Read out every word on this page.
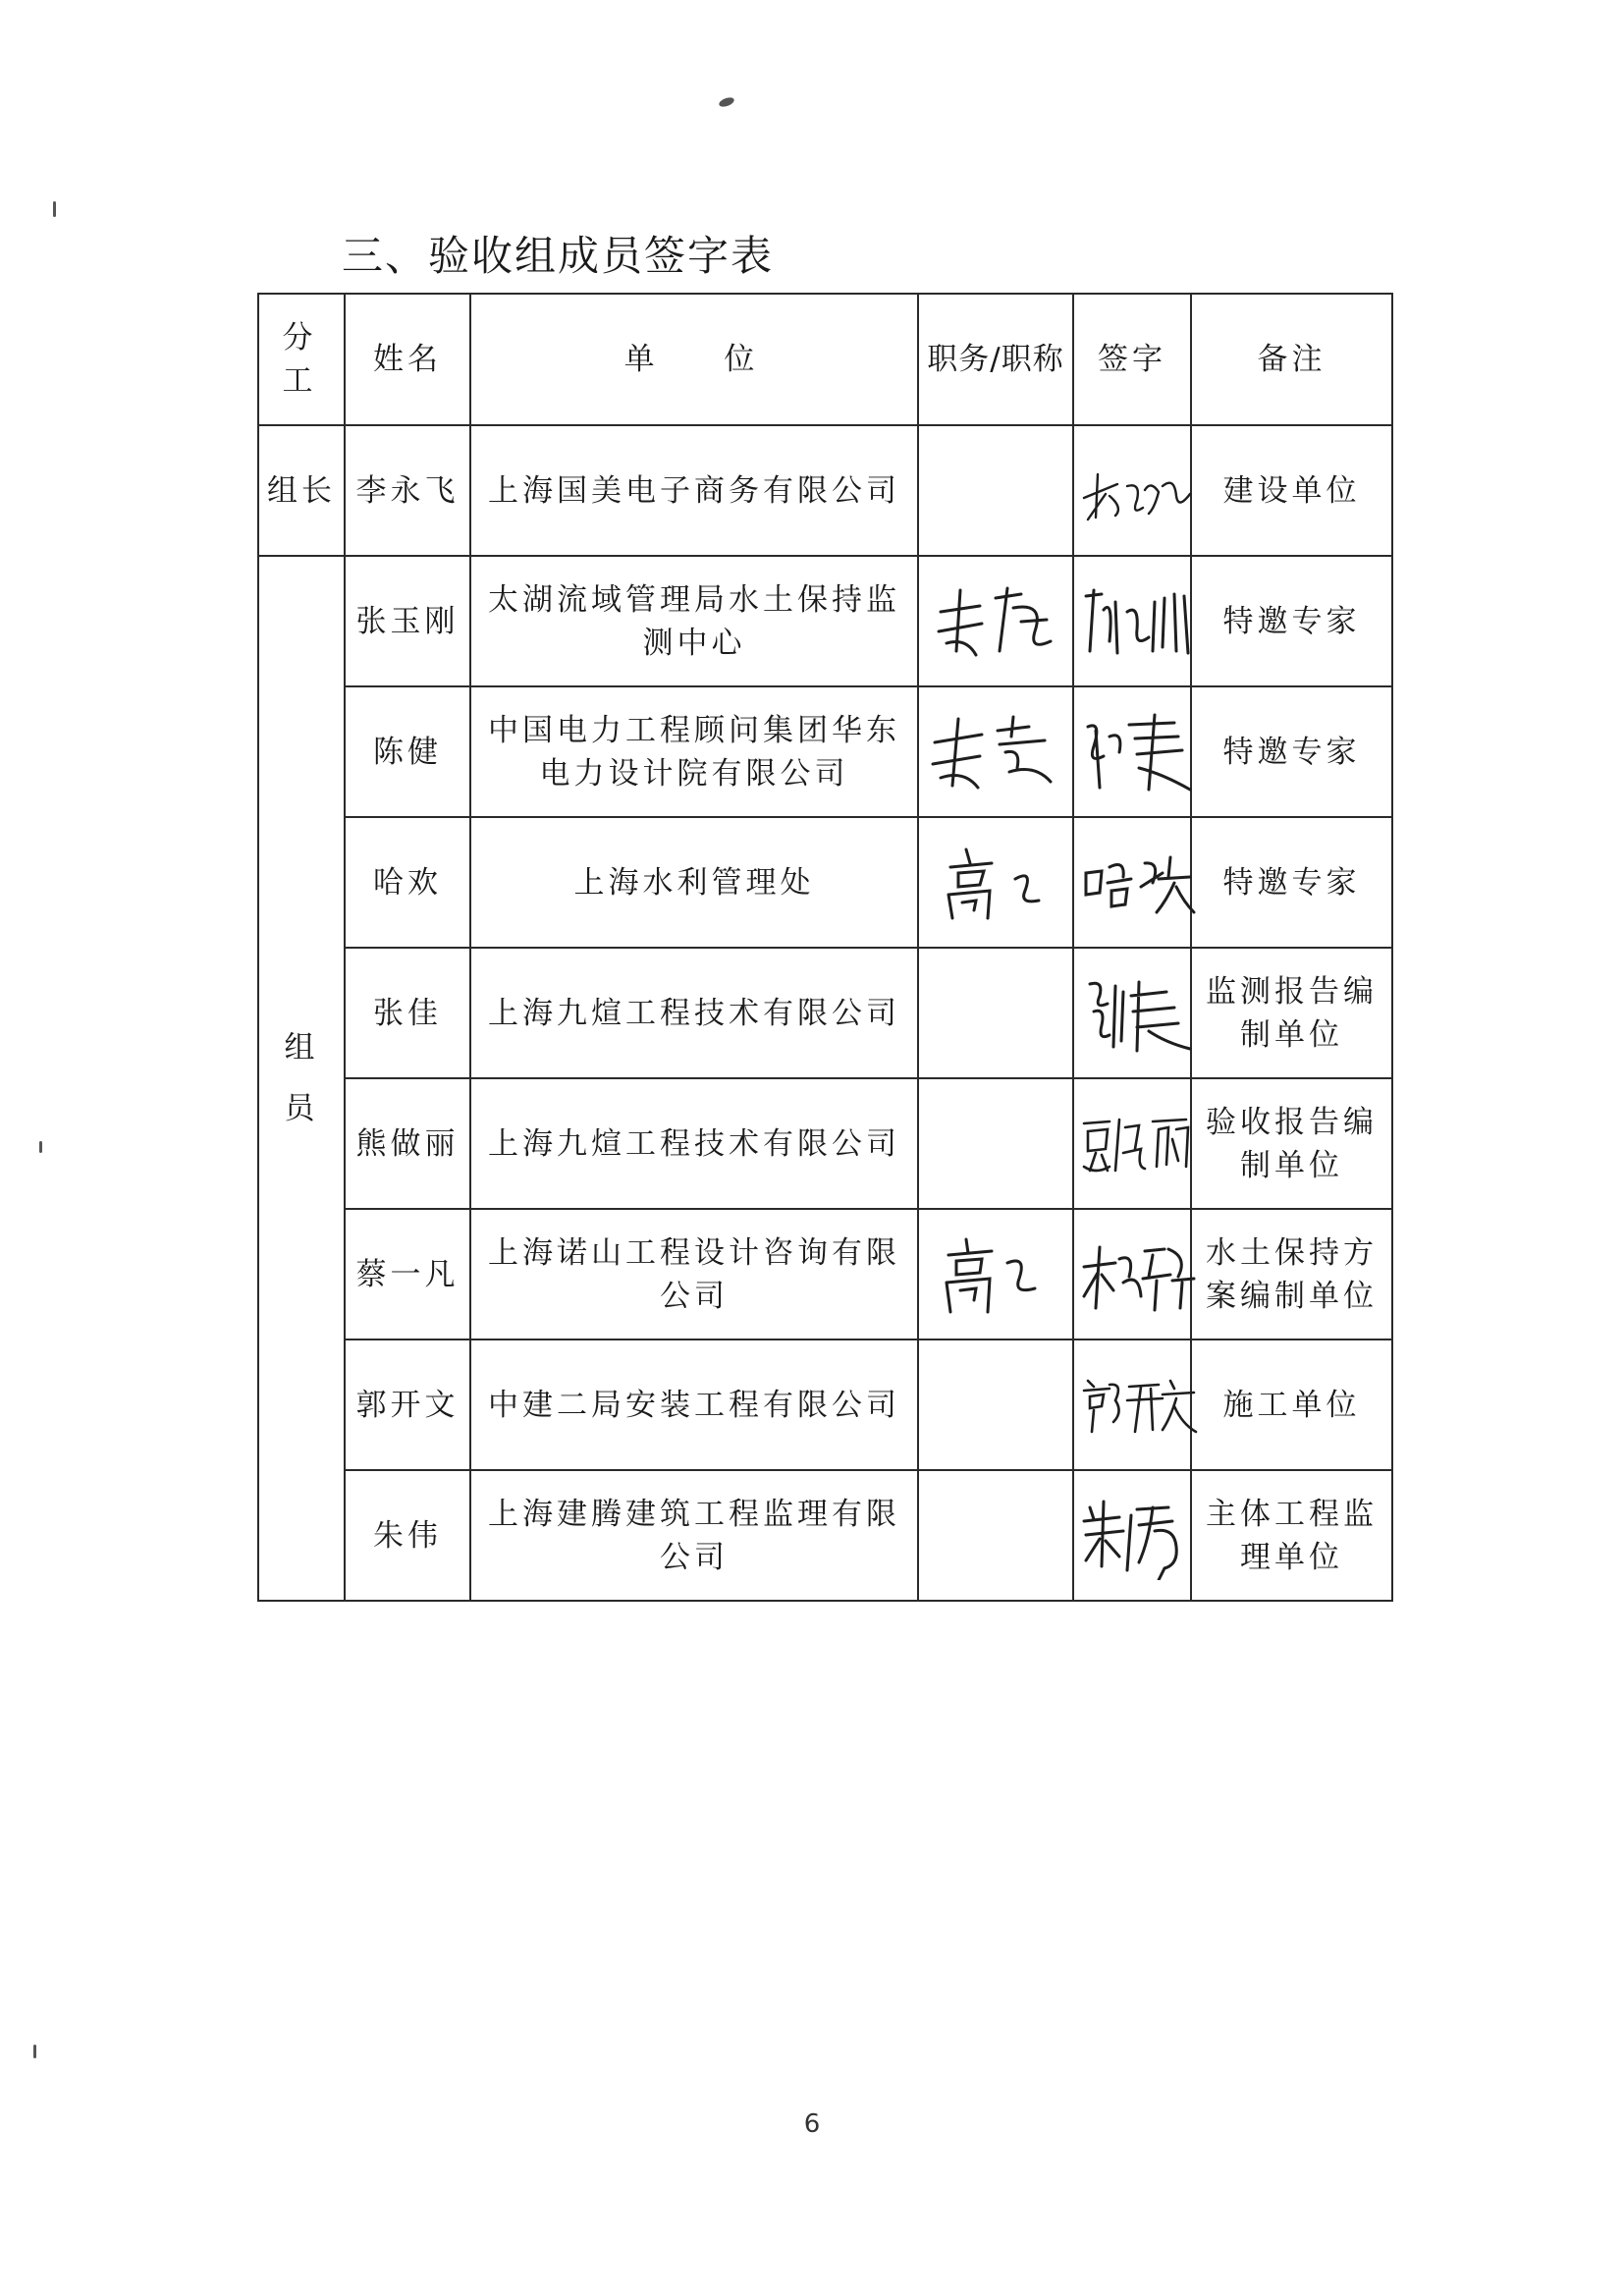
三、验收组成员签字表
分 工	姓名	单　 位	职务/职称	签字	备注
组长	李永飞	上海国美电子商务有限公司			建设单位
组员	张玉刚	太湖流域管理局水土保持监测中心			特邀专家
	陈健	中国电力工程顾问集团华东电力设计院有限公司			特邀专家
	哈欢	上海水利管理处			特邀专家
	张佳	上海九煊工程技术有限公司			监测报告编制单位
	熊做丽	上海九煊工程技术有限公司			验收报告编制单位
	蔡一凡	上海诺山工程设计咨询有限公司			水土保持方案编制单位
	郭开文	中建二局安装工程有限公司			施工单位
	朱伟	上海建腾建筑工程监理有限公司			主体工程监理单位
6
